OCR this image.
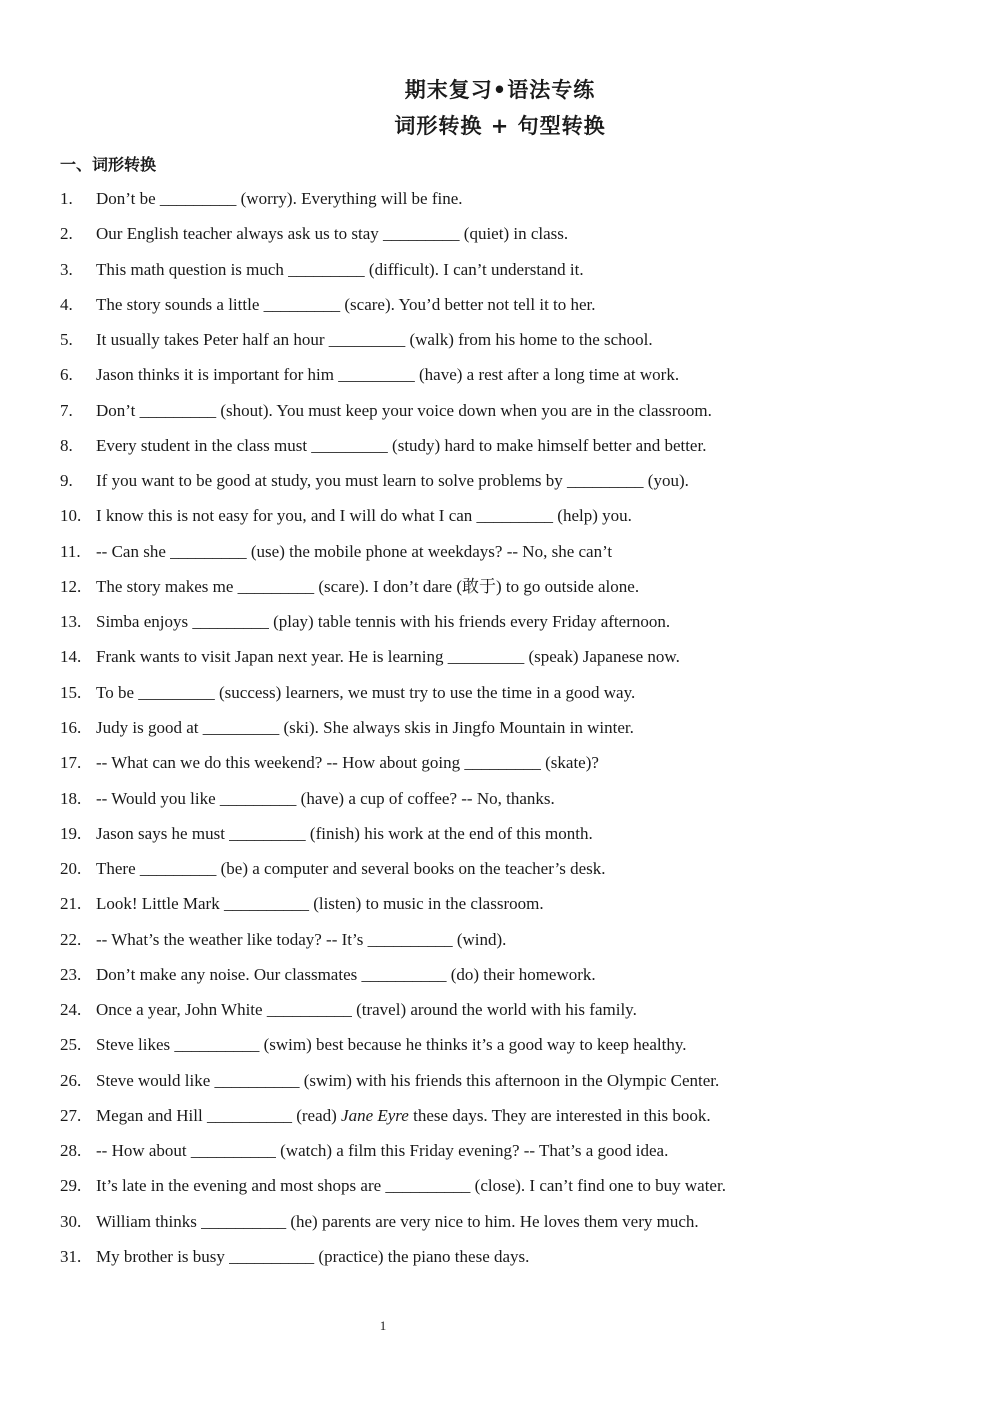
期末复习•语法专练
词形转换 + 句型转换
一、词形转换
1. Don’t be _________ (worry). Everything will be fine.
2. Our English teacher always ask us to stay _________ (quiet) in class.
3. This math question is much _________ (difficult). I can’t understand it.
4. The story sounds a little _________ (scare). You’d better not tell it to her.
5. It usually takes Peter half an hour _________ (walk) from his home to the school.
6. Jason thinks it is important for him _________ (have) a rest after a long time at work.
7. Don’t _________ (shout). You must keep your voice down when you are in the classroom.
8. Every student in the class must _________ (study) hard to make himself better and better.
9. If you want to be good at study, you must learn to solve problems by _________ (you).
10. I know this is not easy for you, and I will do what I can _________ (help) you.
11. -- Can she _________ (use) the mobile phone at weekdays? -- No, she can’t
12. The story makes me _________ (scare). I don’t dare (敢于) to go outside alone.
13. Simba enjoys _________ (play) table tennis with his friends every Friday afternoon.
14. Frank wants to visit Japan next year. He is learning _________ (speak) Japanese now.
15. To be _________ (success) learners, we must try to use the time in a good way.
16. Judy is good at _________ (ski). She always skis in Jingfo Mountain in winter.
17. -- What can we do this weekend? -- How about going _________ (skate)?
18. -- Would you like _________ (have) a cup of coffee? -- No, thanks.
19. Jason says he must _________ (finish) his work at the end of this month.
20. There _________ (be) a computer and several books on the teacher’s desk.
21. Look! Little Mark __________ (listen) to music in the classroom.
22. -- What’s the weather like today? -- It’s __________ (wind).
23. Don’t make any noise. Our classmates __________ (do) their homework.
24. Once a year, John White __________ (travel) around the world with his family.
25. Steve likes __________ (swim) best because he thinks it’s a good way to keep healthy.
26. Steve would like __________ (swim) with his friends this afternoon in the Olympic Center.
27. Megan and Hill __________ (read) Jane Eyre these days. They are interested in this book.
28. -- How about __________ (watch) a film this Friday evening? -- That’s a good idea.
29. It’s late in the evening and most shops are __________ (close). I can’t find one to buy water.
30. William thinks __________ (he) parents are very nice to him. He loves them very much.
31. My brother is busy __________ (practice) the piano these days.
1
